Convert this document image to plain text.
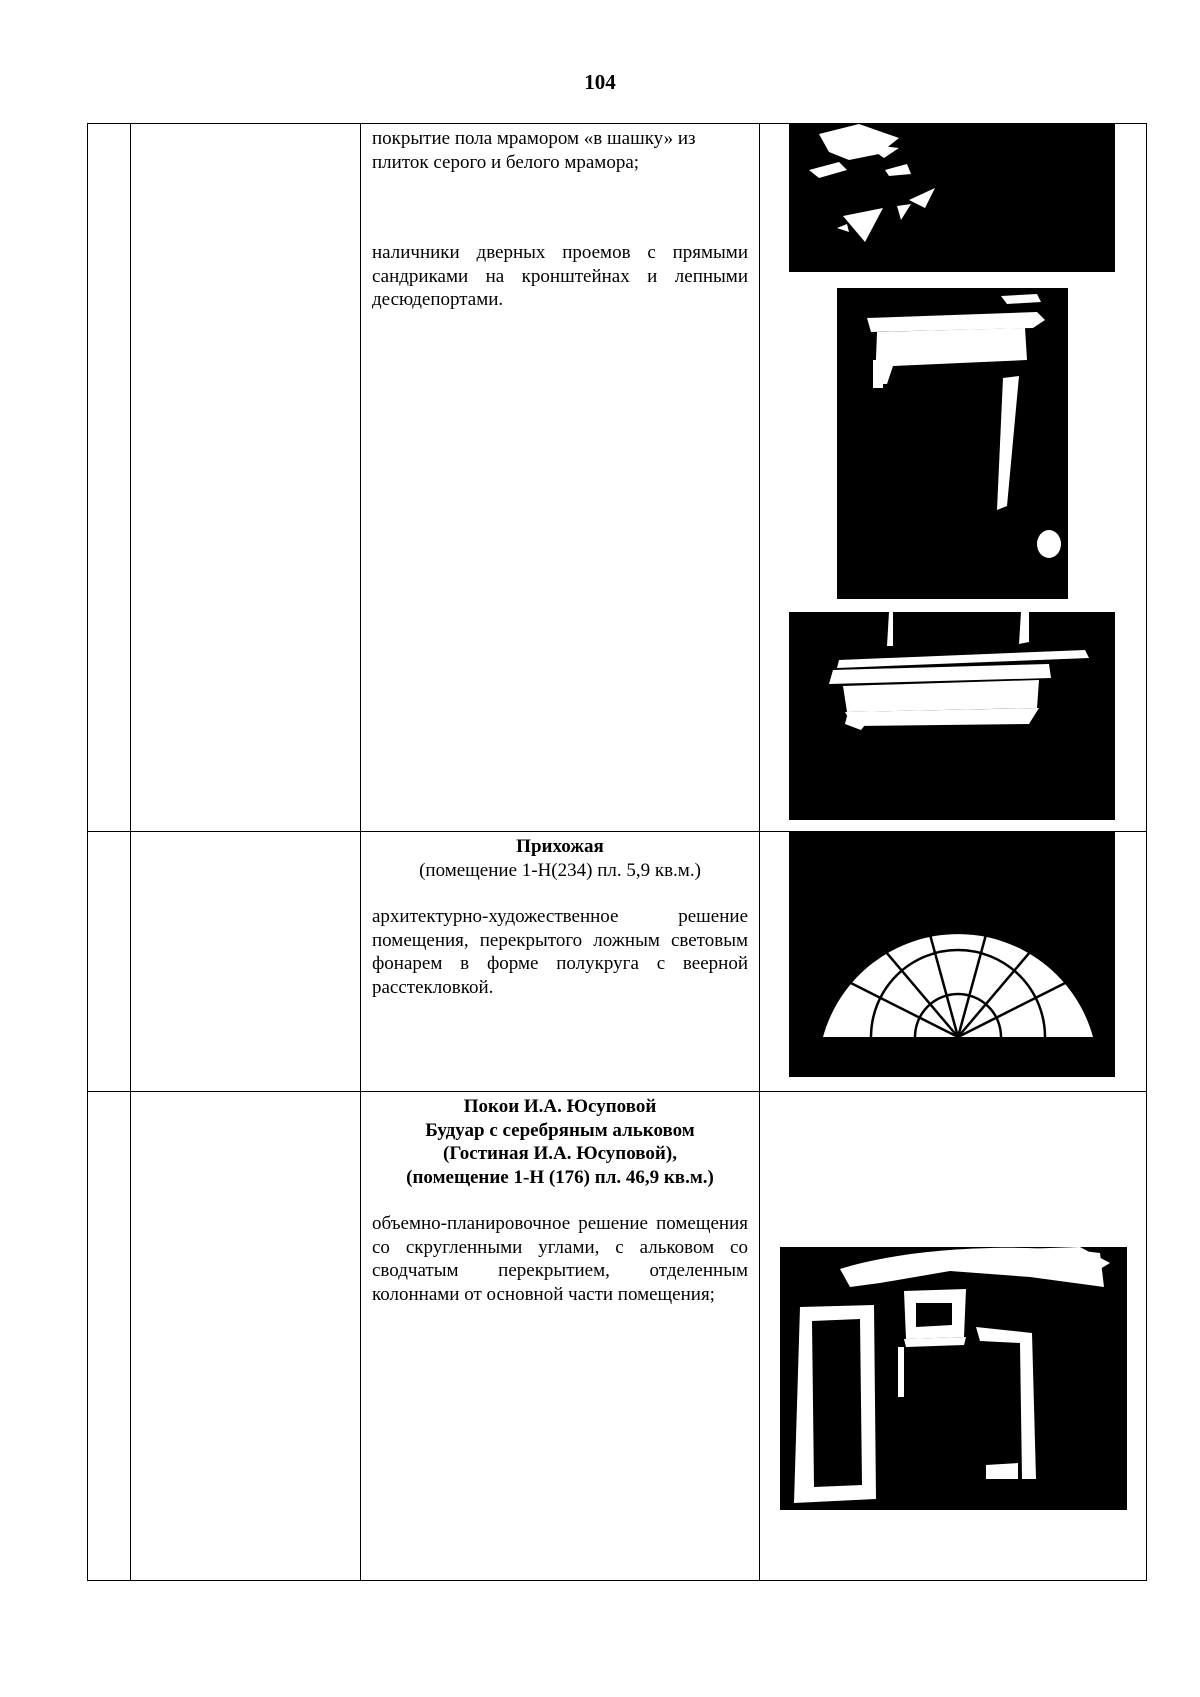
104

		покрытие пола мрамором «в шашку» из плиток серого и белого мрамора;

наличники дверных проемов с прямыми сандриками на кронштейнах и лепными десюдепортами.

		Прихожая

(помещение 1-Н(234) пл. 5,9 кв.м.)

архитектурно-художественное решение помещения, перекрытого ложным световым фонарем в форме полукруга с веерной расстекловкой.

		Покои И.А. Юсуповой

Будуар с серебряным альковом

(Гостиная И.А. Юсуповой),

(помещение 1-Н (176) пл. 46,9 кв.м.)

объемно-планировочное решение помещения со скругленными углами, с альковом со сводчатым перекрытием, отделенным колоннами от основной части помещения;
